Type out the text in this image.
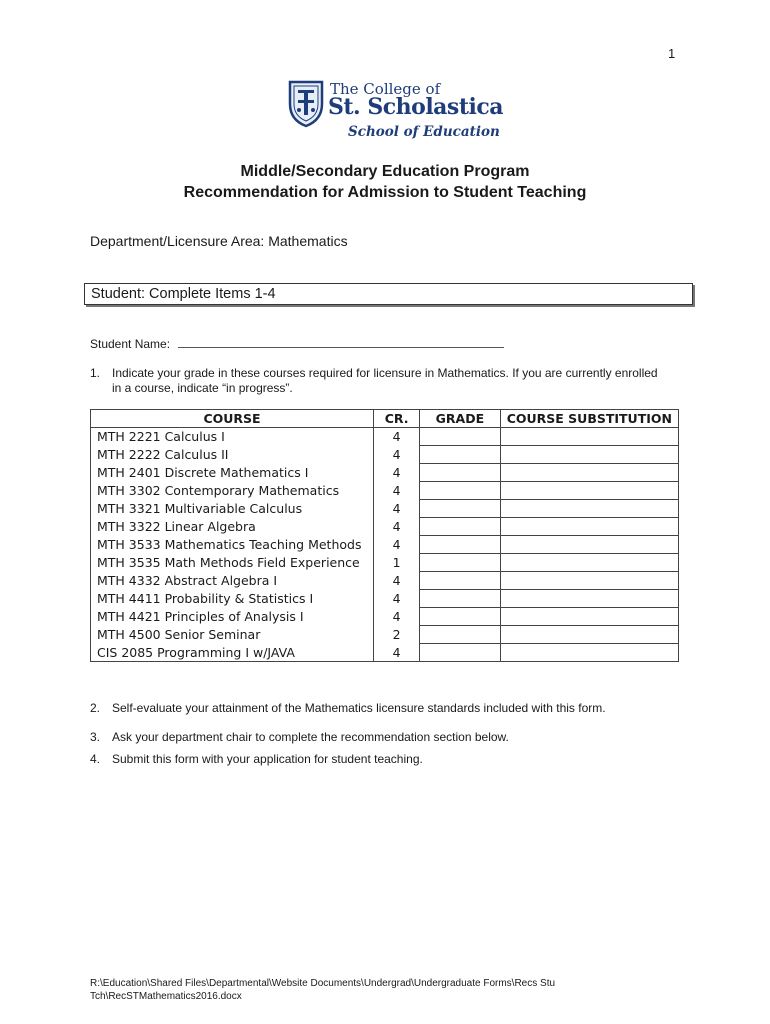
1
The College of
St. Scholastica
School of Education
Middle/Secondary Education Program
Recommendation for Admission to Student Teaching
Department/Licensure Area: Mathematics
Student: Complete Items 1-4
Student Name:
1. Indicate your grade in these courses required for licensure in Mathematics. If you are currently enrolled in a course, indicate “in progress”.
COURSE	CR.	GRADE	COURSE SUBSTITUTION
MTH 2221 Calculus I	4		
MTH 2222 Calculus II	4		
MTH 2401 Discrete Mathematics I	4		
MTH 3302 Contemporary Mathematics	4		
MTH 3321 Multivariable Calculus	4		
MTH 3322 Linear Algebra	4		
MTH 3533 Mathematics Teaching Methods	4		
MTH 3535 Math Methods Field Experience	1		
MTH 4332 Abstract Algebra I	4		
MTH 4411 Probability & Statistics I	4		
MTH 4421 Principles of Analysis I	4		
MTH 4500 Senior Seminar	2		
CIS 2085 Programming I w/JAVA	4		
2. Self-evaluate your attainment of the Mathematics licensure standards included with this form.
3. Ask your department chair to complete the recommendation section below.
4. Submit this form with your application for student teaching.
R:\Education\Shared Files\Departmental\Website Documents\Undergrad\Undergraduate Forms\Recs Stu Tch\RecSTMathematics2016.docx
